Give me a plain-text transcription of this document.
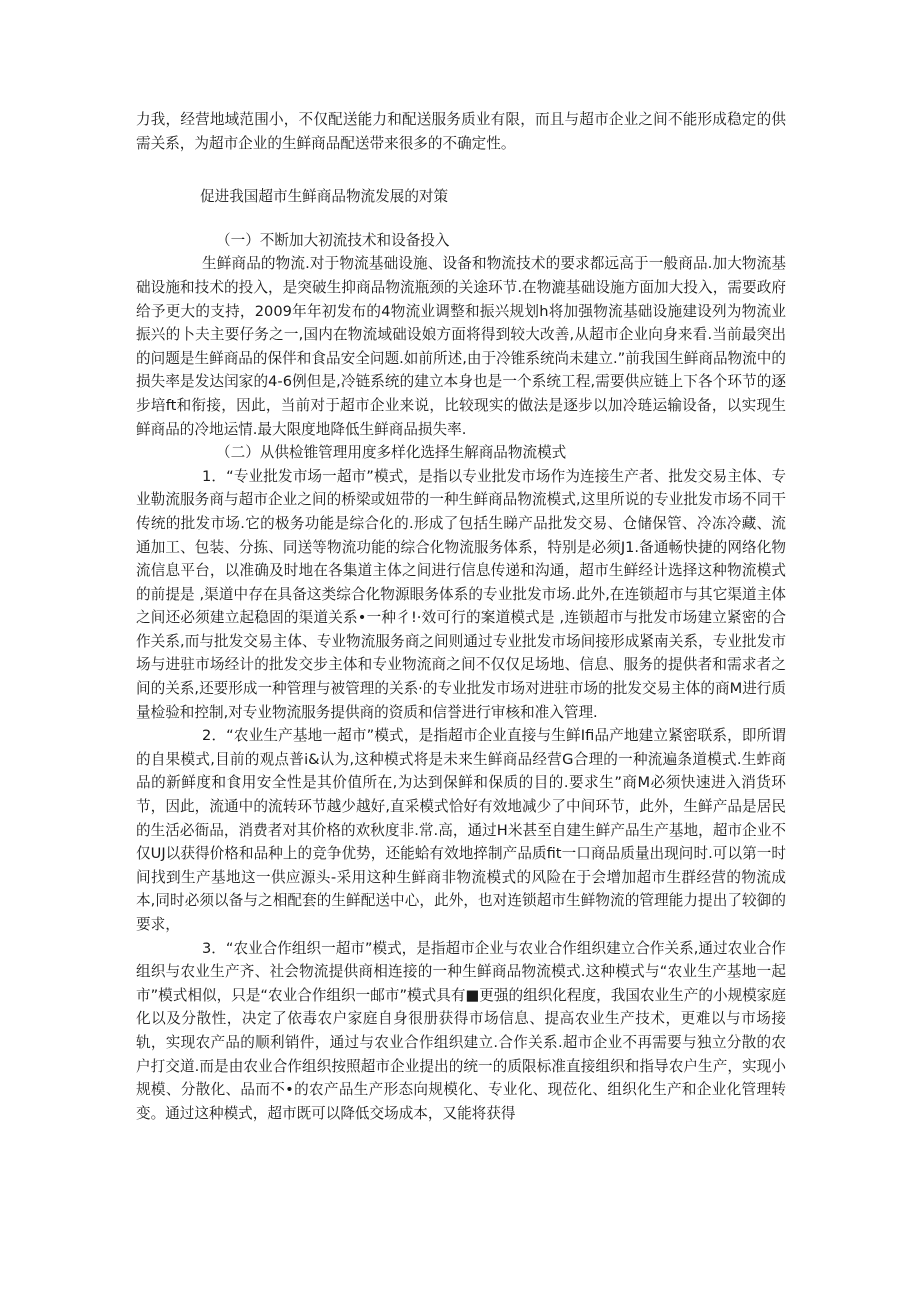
力我，经营地域范围小，不仅配送能力和配送服务质业有限，而且与超市企业之间不能形成稳定的供需关系，为超市企业的生鲜商品配送带来很多的不确定性。

促进我国超市生鲜商品物流发展的对策

（一）不断加大初流技术和设备投入

生鲜商品的物流.对于物流基础设施、设备和物流技术的要求都远高于一般商品.加大物流基础设施和技术的投入，是突破生抑商品物流瓶颈的关途环节.在物漉基础设施方面加大投入，需要政府给予更大的支持，2009年年初发布的4物流业调整和振兴规划h将加强物流基础设施建设列为物流业振兴的卜夫主要仔务之一,国内在物流域础设娘方面将得到较大改善,从超市企业向身来看.当前最突出的问题是生鲜商品的保伴和食品安全问题.如前所述,由于冷锥系统尚未建立.”前我国生鲜商品物流中的损失率是发达闰家的4-6例但是,冷链系统的建立本身也是一个系统工程,需要供应链上下各个环节的逐步培ft和衔接，因此，当前对于超市企业来说，比较现实的做法是逐步以加冷琏运输设备，以实现生鲜商品的冷地运情.最大限度地降低生鲜商品损失率.

（二）从供检锥管理用度多样化选择生解商品物流模式

1．“专业批发市场一超市”模式，是指以专业批发市场作为连接生产者、批发交易主体、专业勒流服务商与超市企业之间的桥梁或妞带的一种生鲜商品物流模式,这里所说的专业批发市场不同干传统的批发市场.它的极务功能是综合化的.形成了包括生睇产品批发交易、仓储保管、冷冻冷藏、流通加工、包装、分拣、同送等物流功能的综合化物流服务体系，特别是必须J1.备通畅快捷的网络化物流信息平台，以准确及时地在各集道主体之间进行信息传递和沟通，超市生鲜经计选择这种物流模式的前提是 ,渠道中存在具备这类综合化物源眼务体系的专业批发市场.此外,在连锁超市与其它渠道主体之间还必须建立起稳固的渠道关系•一种彳!·效可行的案道模式是 ,连锁超市与批发市场建立紧密的合作关系,而与批发交易主体、专业物流服务商之间则通过专业批发市场间接形成紧南关系，专业批发市场与进驻市场经计的批发交步主体和专业物流商之间不仅仅足场地、信息、服务的提供者和需求者之间的关系,还要形成一种管理与被管理的关系·的专业批发市场对进驻市场的批发交易主体的商M进行质量检验和控制,对专业物流服务提供商的资质和信誉进行审核和准入管理.

2．“农业生产基地一超市”模式，是指超市企业直接与生鲜Ifi品产地建立紧密联系，即所谓的自果模式,目前的观点普i&认为,这种模式将是未来生鲜商品经营G合理的一种流遍条道模式.生蚱商品的新鲜度和食用安全性是其价值所在,为达到保鲜和保质的目的.要求生”商M必须快速进入消货环节，因此，流通中的流转环节越少越好,直采模式恰好有效地减少了中间环节，此外，生鲜产品是居民的生活必衙品，消费者对其价格的欢秋度非.常.高，通过H米甚至自建生鲜产品生产基地，超市企业不仅UJ以获得价格和品种上的竞争优势，还能蛤有效地捽制产品质fit一口商品质量出现问时.可以第一时间找到生产基地这一供应源头-采用这种生鲜商非物流模式的风险在于会增加超市生群经营的物流成本,同时必须以备与之相配套的生鲜配送中心，此外，也对连锁超市生鲜物流的管理能力提出了较御的要求，

3．“农业合作组织一超市”模式，是指超市企业与农业合作组织建立合作关系,通过农业合作组织与农业生产齐、社会物流提供商相连接的一种生鲜商品物流模式.这种模式与“农业生产基地一起市”模式相似，只是“农业合作组织一邮市”模式具有■更强的组织化程度，我国农业生产的小规模家庭化以及分散性，决定了依毒农户家庭自身很册获得市场信息、提高农业生产技术，更难以与市场接轨，实现农产品的顺利销件，通过与农业合作组织建立.合作关系.超市企业不再需要与独立分散的农户打交道.而是由农业合作组织按照超市企业提出的统一的质限标准直接组织和指导农户生产，实现小规模、分散化、品而不•的农产品生产形态向规模化、专业化、现莅化、组织化生产和企业化管理转变。通过这种模式，超市既可以降低交场成本，又能将获得
